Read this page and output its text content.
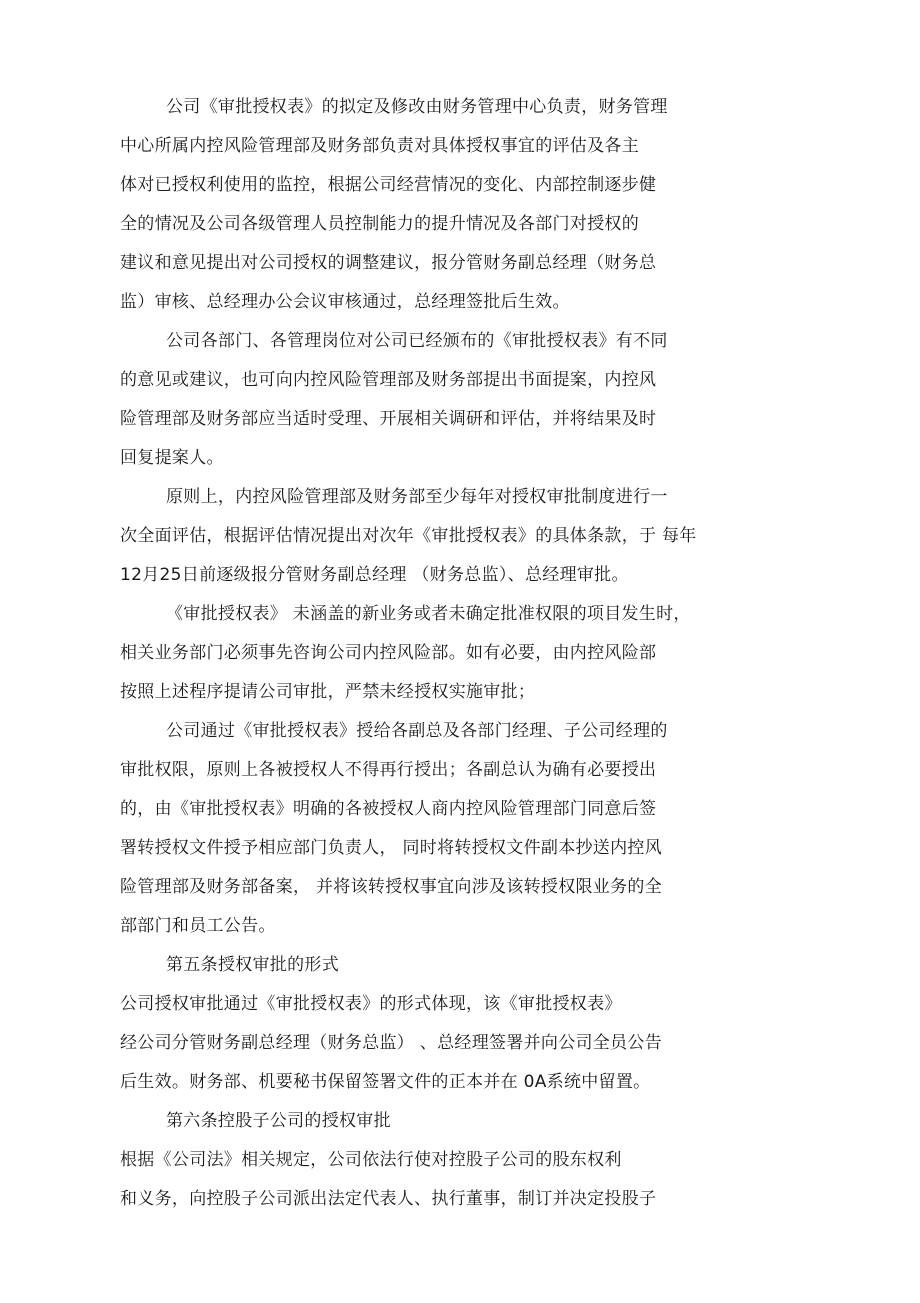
公司《审批授权表》的拟定及修改由财务管理中心负责，财务管理
中心所属内控风险管理部及财务部负责对具体授权事宜的评估及各主
体对已授权利使用的监控，根据公司经营情况的变化、内部控制逐步健
全的情况及公司各级管理人员控制能力的提升情况及各部门对授权的
建议和意见提出对公司授权的调整建议，报分管财务副总经理（财务总
监）审核、总经理办公会议审核通过，总经理签批后生效。
公司各部门、各管理岗位对公司已经颁布的《审批授权表》有不同
的意见或建议，也可向内控风险管理部及财务部提出书面提案，内控风
险管理部及财务部应当适时受理、开展相关调研和评估，并将结果及时
回复提案人。
原则上，内控风险管理部及财务部至少每年对授权审批制度进行一
次全面评估，根据评估情况提出对次年《审批授权表》的具体条款，于 每年
12月25日前逐级报分管财务副总经理 （财务总监）、总经理审批。
《审批授权表》 未涵盖的新业务或者未确定批准权限的项目发生时，
相关业务部门必须事先咨询公司内控风险部。如有必要，由内控风险部
按照上述程序提请公司审批，严禁未经授权实施审批；
公司通过《审批授权表》授给各副总及各部门经理、子公司经理的
审批权限，原则上各被授权人不得再行授出；各副总认为确有必要授出
的，由《审批授权表》明确的各被授权人商内控风险管理部门同意后签
署转授权文件授予相应部门负责人， 同时将转授权文件副本抄送内控风
险管理部及财务部备案， 并将该转授权事宜向涉及该转授权限业务的全
部部门和员工公告。
第五条授权审批的形式
公司授权审批通过《审批授权表》的形式体现，该《审批授权表》
经公司分管财务副总经理（财务总监） 、总经理签署并向公司全员公告
后生效。财务部、机要秘书保留签署文件的正本并在 0A系统中留置。
第六条控股子公司的授权审批
根据《公司法》相关规定，公司依法行使对控股子公司的股东权利
和义务，向控股子公司派出法定代表人、执行董事，制订并决定投股子
